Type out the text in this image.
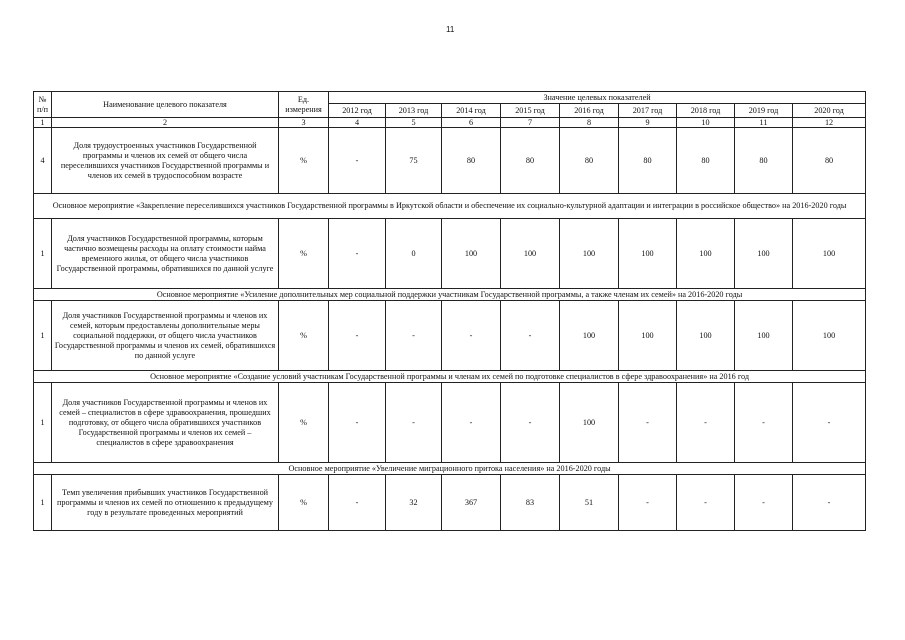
11
№ п/п	Наименование целевого показателя	Ед. измерения	Значение целевых показателей								
			2012 год	2013 год	2014 год	2015 год	2016 год	2017 год	2018 год	2019 год	2020 год
1	2	3	4	5	6	7	8	9	10	11	12
4	Доля трудоустроенных участников Государственной программы и членов их семей от общего числа переселившихся участников Государственной программы и членов их семей в трудоспособном возрасте	%	-	75	80	80	80	80	80	80	80
Основное мероприятие «Закрепление переселившихся участников Государственной программы в Иркутской области и обеспечение их социально-культурной адаптации и интеграции в российское общество» на 2016-2020 годы											
1	Доля участников Государственной программы, которым частично возмещены расходы на оплату стоимости найма временного жилья, от общего числа участников Государственной программы, обратившихся по данной услуге	%	-	0	100	100	100	100	100	100	100
Основное мероприятие «Усиление дополнительных мер социальной поддержки участникам Государственной программы, а также членам их семей» на 2016-2020 годы											
1	Доля участников Государственной программы и членов их семей, которым предоставлены дополнительные меры социальной поддержки, от общего числа участников Государственной программы и членов их семей, обратившихся по данной услуге	%	-	-	-	-	100	100	100	100	100
Основное мероприятие «Создание условий участникам Государственной программы и членам их семей по подготовке специалистов в сфере здравоохранения» на 2016 год											
1	Доля участников Государственной программы и членов их семей – специалистов в сфере здравоохранения, прошедших подготовку, от общего числа обратившихся участников Государственной программы и членов их семей – специалистов в сфере здравоохранения	%	-	-	-	-	100	-	-	-	-
Основное мероприятие «Увеличение миграционного притока населения» на 2016-2020 годы											
1	Темп увеличения прибывших участников Государственной программы и членов их семей по отношению к предыдущему году в результате проведенных мероприятий	%	-	32	367	83	51	-	-	-	-
